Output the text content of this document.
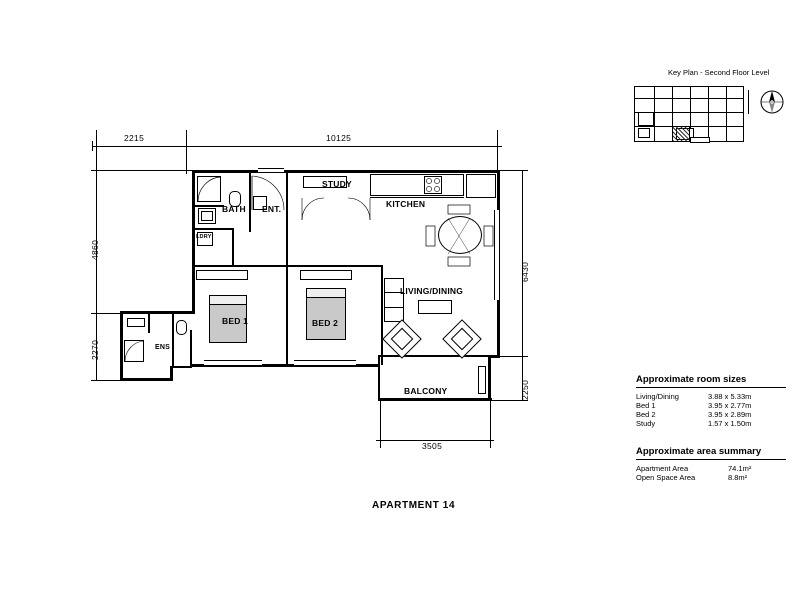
Key Plan - Second Floor Level
2215	10125
4860
2270
6430
2250
3505
BATH ENT.
LDRY
STUDY
KITCHEN
LIVING/DINING
BED 1	BED 2
ENS
BALCONY
APARTMENT 14
Approximate room sizes
Living/Dining	3.88 x 5.33m
Bed 1	3.95 x 2.77m
Bed 2	3.95 x 2.89m
Study	1.57 x 1.50m
Approximate area summary
Apartment Area	74.1m²
Open Space Area	8.8m²
